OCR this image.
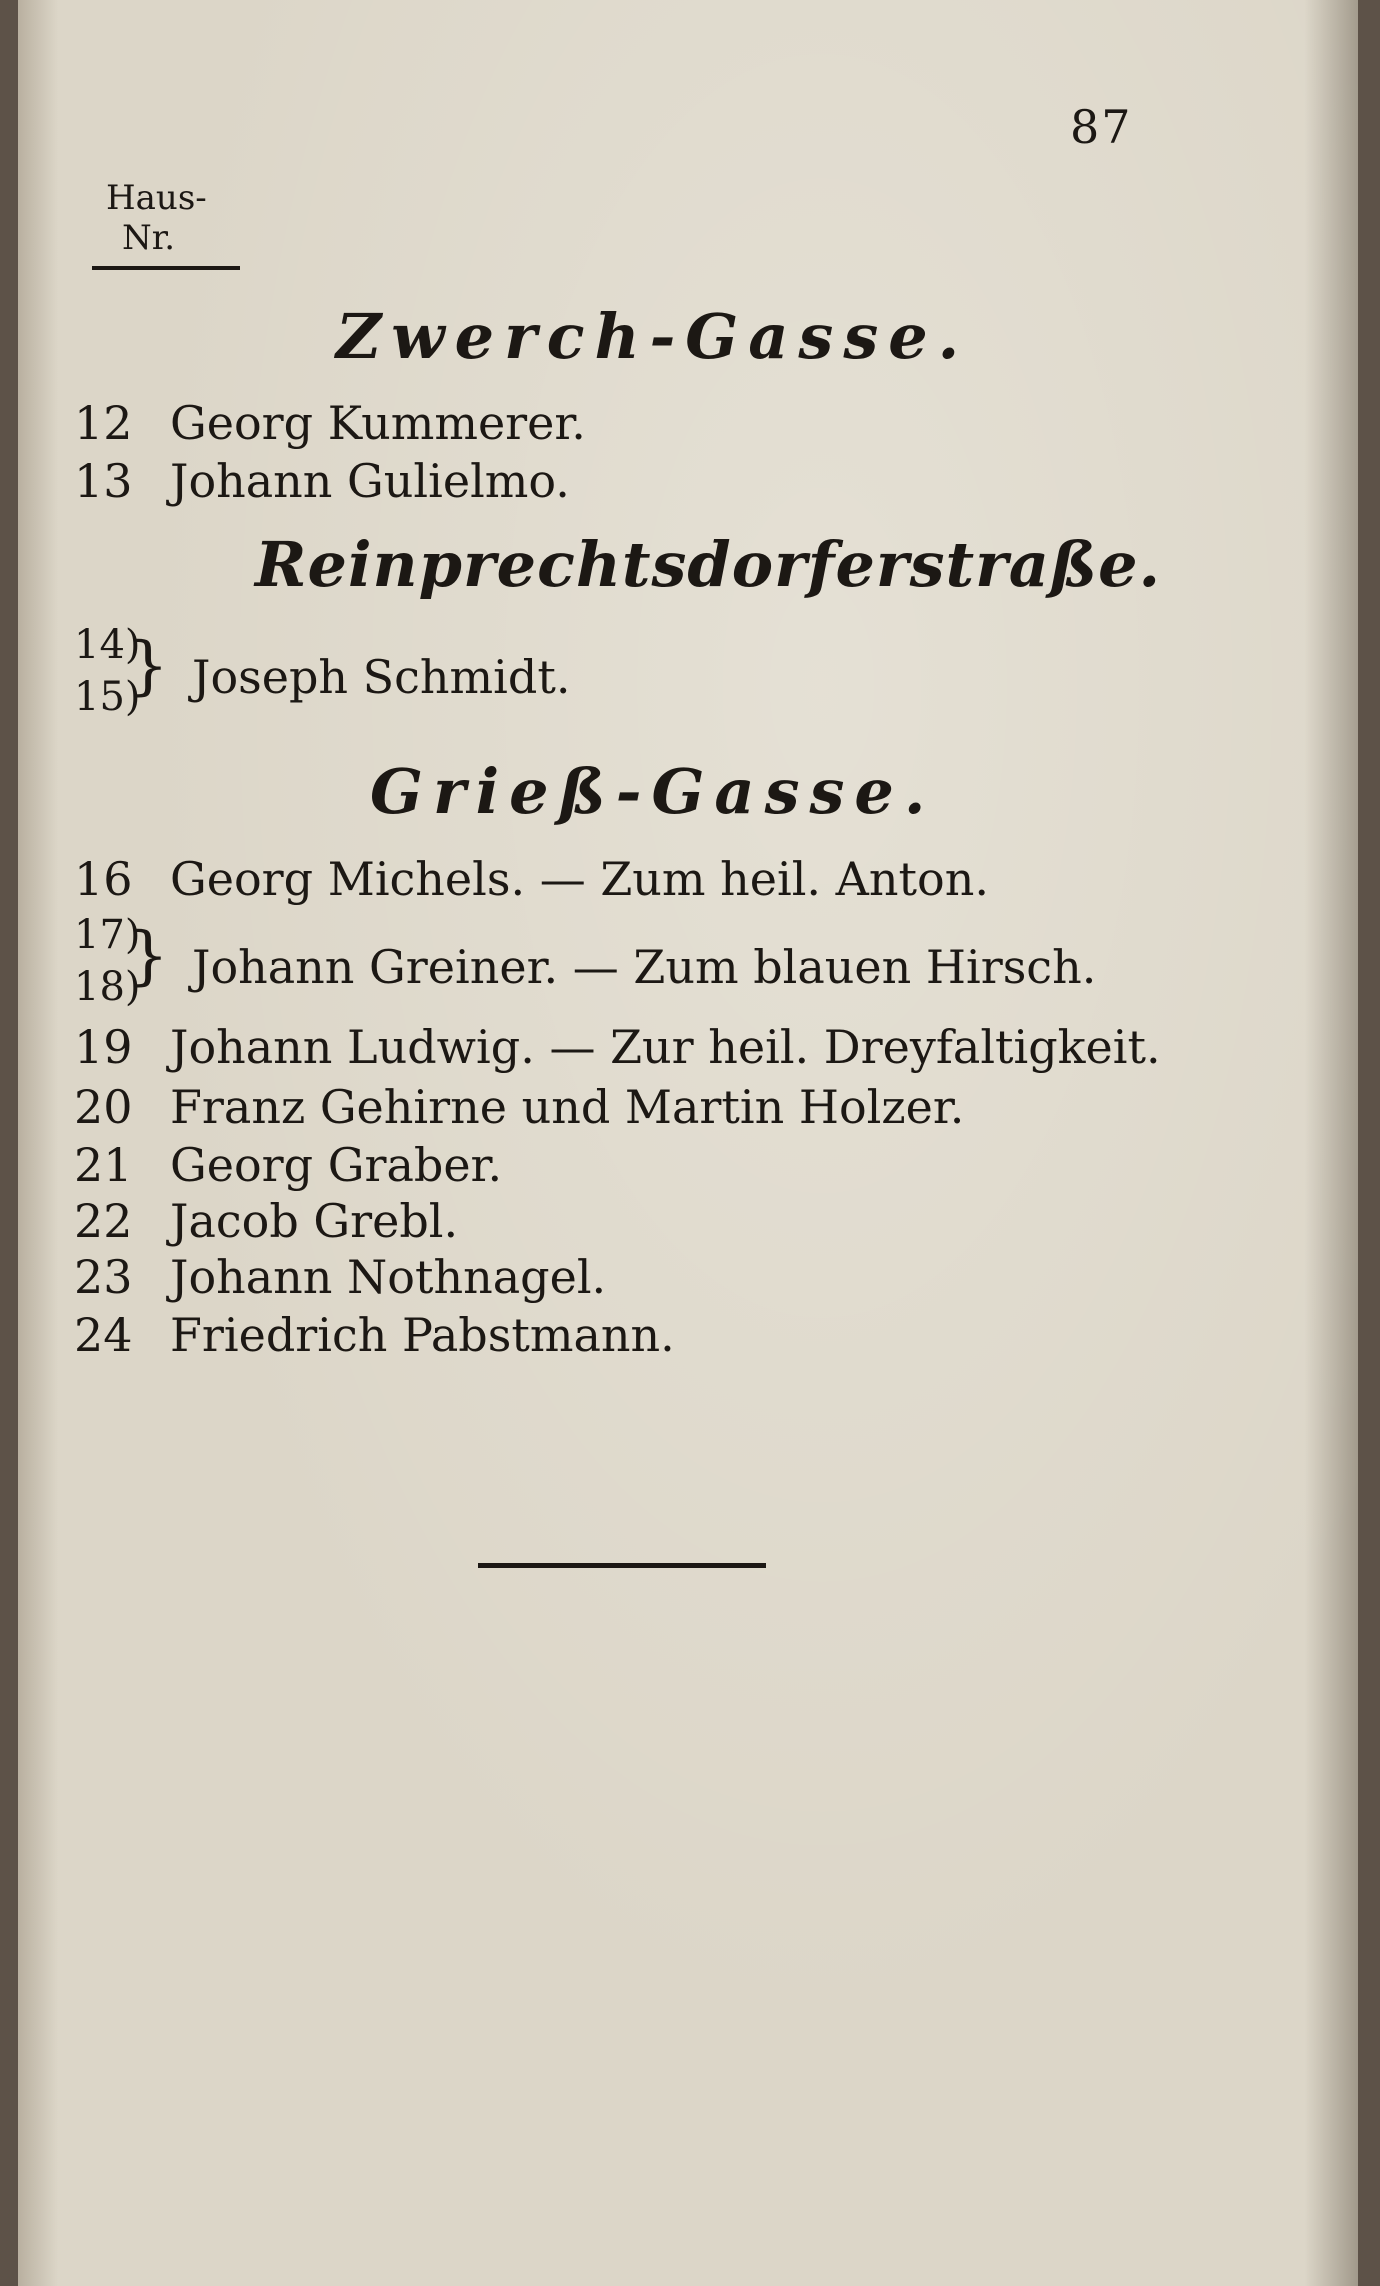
87
Haus-
Nr.
Zwerch-Gasse.
12 Georg Kummerer.
13 Johann Gulielmo.
Reinprechtsdorferstraße.
14)
15) Joseph Schmidt.
Grieß-Gasse.
16 Georg Michels. — Zum heil. Anton.
17)
18) Johann Greiner. — Zum blauen Hirsch.
19 Johann Ludwig. — Zur heil. Dreyfaltigkeit.
20 Franz Gehirne und Martin Holzer.
21 Georg Graber.
22 Jacob Grebl.
23 Johann Nothnagel.
24 Friedrich Pabstmann.
}
}
